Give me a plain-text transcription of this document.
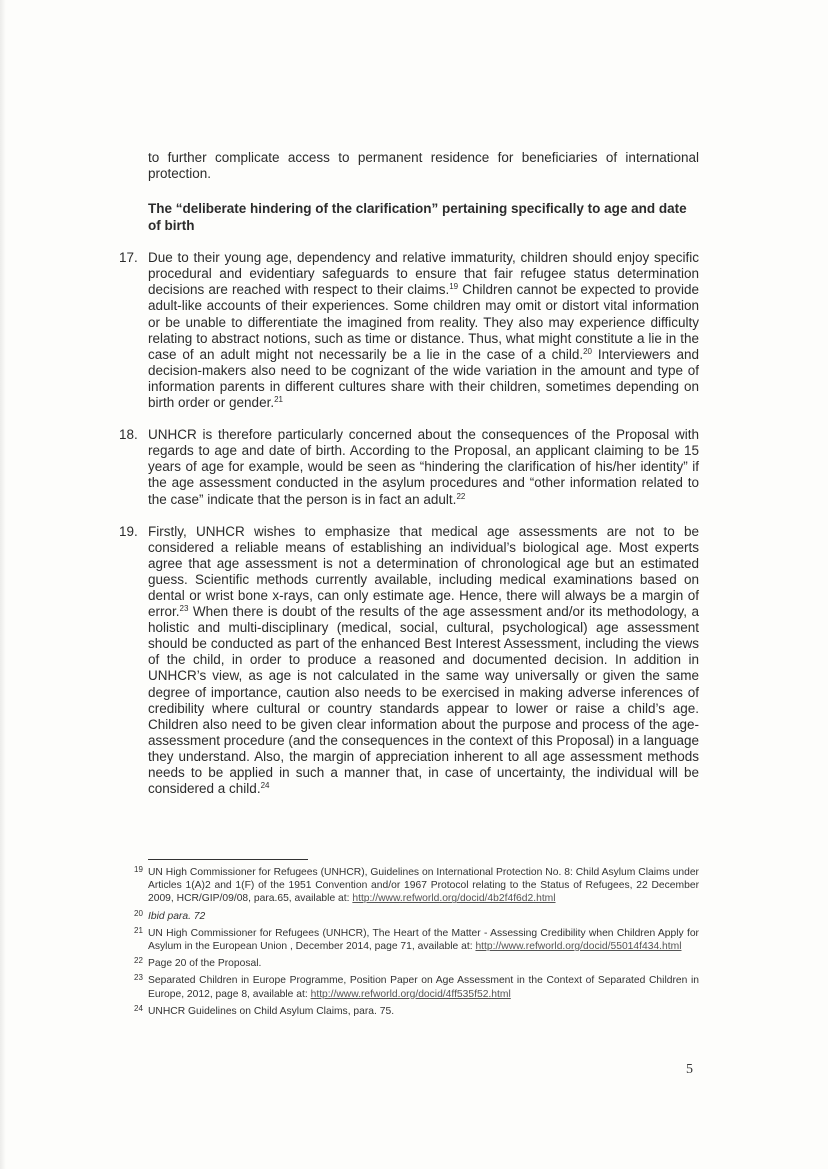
to further complicate access to permanent residence for beneficiaries of international protection.

The “deliberate hindering of the clarification” pertaining specifically to age and date of birth

17. Due to their young age, dependency and relative immaturity, children should enjoy specific procedural and evidentiary safeguards to ensure that fair refugee status determination decisions are reached with respect to their claims.$^{19}$ Children cannot be expected to provide adult-like accounts of their experiences. Some children may omit or distort vital information or be unable to differentiate the imagined from reality. They also may experience difficulty relating to abstract notions, such as time or distance. Thus, what might constitute a lie in the case of an adult might not necessarily be a lie in the case of a child.$^{20}$ Interviewers and decision-makers also need to be cognizant of the wide variation in the amount and type of information parents in different cultures share with their children, sometimes depending on birth order or gender.$^{21}$

18. UNHCR is therefore particularly concerned about the consequences of the Proposal with regards to age and date of birth. According to the Proposal, an applicant claiming to be 15 years of age for example, would be seen as “hindering the clarification of his/her identity” if the age assessment conducted in the asylum procedures and “other information related to the case” indicate that the person is in fact an adult.$^{22}$

19. Firstly, UNHCR wishes to emphasize that medical age assessments are not to be considered a reliable means of establishing an individual’s biological age. Most experts agree that age assessment is not a determination of chronological age but an estimated guess. Scientific methods currently available, including medical examinations based on dental or wrist bone x-rays, can only estimate age. Hence, there will always be a margin of error.$^{23}$ When there is doubt of the results of the age assessment and/or its methodology, a holistic and multi-disciplinary (medical, social, cultural, psychological) age assessment should be conducted as part of the enhanced Best Interest Assessment, including the views of the child, in order to produce a reasoned and documented decision. In addition in UNHCR’s view, as age is not calculated in the same way universally or given the same degree of importance, caution also needs to be exercised in making adverse inferences of credibility where cultural or country standards appear to lower or raise a child’s age. Children also need to be given clear information about the purpose and process of the age-assessment procedure (and the consequences in the context of this Proposal) in a language they understand. Also, the margin of appreciation inherent to all age assessment methods needs to be applied in such a manner that, in case of uncertainty, the individual will be considered a child.$^{24}$

19 UN High Commissioner for Refugees (UNHCR), Guidelines on International Protection No. 8: Child Asylum Claims under Articles 1(A)2 and 1(F) of the 1951 Convention and/or 1967 Protocol relating to the Status of Refugees, 22 December 2009, HCR/GIP/09/08, para.65, available at: http://www.refworld.org/docid/4b2f4f6d2.html
20 Ibid para. 72
21 UN High Commissioner for Refugees (UNHCR), The Heart of the Matter - Assessing Credibility when Children Apply for Asylum in the European Union , December 2014, page 71, available at: http://www.refworld.org/docid/55014f434.html
22 Page 20 of the Proposal.
23 Separated Children in Europe Programme, Position Paper on Age Assessment in the Context of Separated Children in Europe, 2012, page 8, available at: http://www.refworld.org/docid/4ff535f52.html
24 UNHCR Guidelines on Child Asylum Claims, para. 75.
5
